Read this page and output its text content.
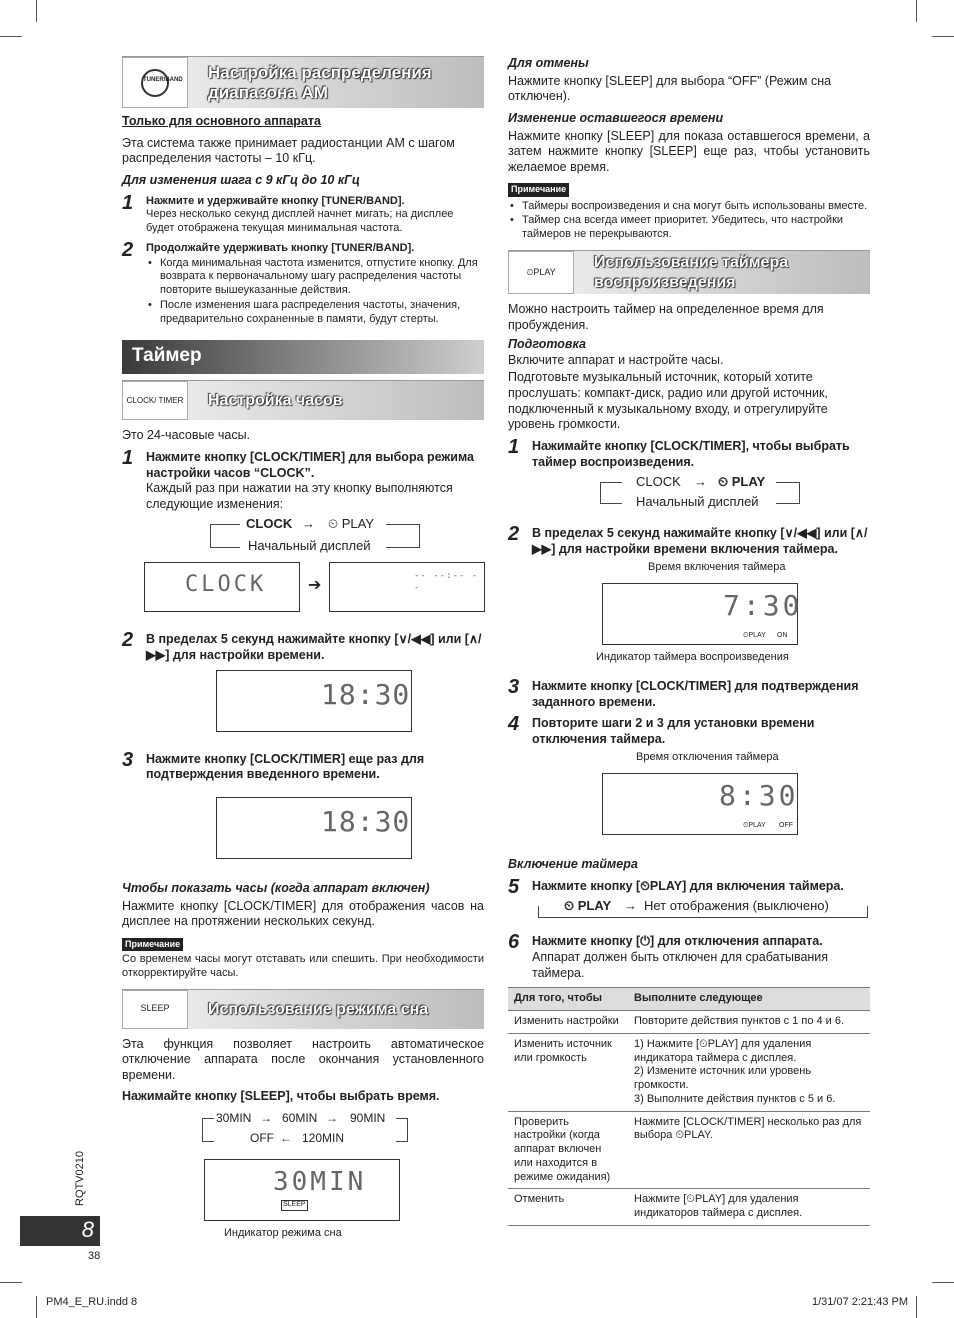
TUNER/BAND Настройка распределения диапазона AM
Только для основного аппарата
Эта система также принимает радиостанции AM с шагом распределения частоты – 10 кГц.
Для изменения шага с 9 кГц до 10 кГц
1 Нажмите и удерживайте кнопку [TUNER/BAND].
Через несколько секунд дисплей начнет мигать; на дисплее будет отображена текущая минимальная частота.
2 Продолжайте удерживать кнопку [TUNER/BAND].
• Когда минимальная частота изменится, отпустите кнопку. Для возврата к первоначальному шагу распределения частоты повторите вышеуказанные действия.
• После изменения шага распределения частоты, значения, предварительно сохраненные в памяти, будут стерты.
Таймер
CLOCK/ TIMER Настройка часов
Это 24-часовые часы.
1 Нажмите кнопку [CLOCK/TIMER] для выбора режима настройки часов “CLOCK”.
Каждый раз при нажатии на эту кнопку выполняются следующие изменения:
CLOCK → ⏲ PLAY
Начальный дисплей
CLOCK	➔
-- --:-- --
2 В пределах 5 секунд нажимайте кнопку [∨/◀◀] или [∧/▶▶] для настройки времени.
18:30
3 Нажмите кнопку [CLOCK/TIMER] еще раз для подтверждения введенного времени.
18:30
Чтобы показать часы (когда аппарат включен)
Нажмите кнопку [CLOCK/TIMER] для отображения часов на дисплее на протяжении нескольких секунд.
Примечание
Со временем часы могут отставать или спешить. При необходимости откорректируйте часы.
SLEEP Использование режима сна
Эта функция позволяет настроить автоматическое отключение аппарата после окончания установленного времени.
Нажимайте кнопку [SLEEP], чтобы выбрать время.
30MIN → 60MIN → 90MIN
OFF ← 120MIN
30MIN
SLEEP
Индикатор режима сна
Для отмены
Нажмите кнопку [SLEEP] для выбора “OFF” (Режим сна отключен).
Изменение оставшегося времени
Нажмите кнопку [SLEEP] для показа оставшегося времени, а затем нажмите кнопку [SLEEP] еще раз, чтобы установить желаемое время.
Примечание
• Таймеры воспроизведения и сна могут быть использованы вместе.
• Таймер сна всегда имеет приоритет. Убедитесь, что настройки таймеров не перекрываются.
⏲PLAY
Использование таймера воспроизведения
Можно настроить таймер на определенное время для пробуждения.
Подготовка
Включите аппарат и настройте часы.
Подготовьте музыкальный источник, который хотите прослушать: компакт-диск, радио или другой источник, подключенный к музыкальному входу, и отрегулируйте уровень громкости.
1 Нажимайте кнопку [CLOCK/TIMER], чтобы выбрать таймер воспроизведения.
CLOCK → ⏲ PLAY
Начальный дисплей
2 В пределах 5 секунд нажимайте кнопку [∨/◀◀] или [∧/▶▶] для настройки времени включения таймера.
Время включения таймера
7:30
⏲PLAY ON
Индикатор таймера воспроизведения
3 Нажмите кнопку [CLOCK/TIMER] для подтверждения заданного времени.
4 Повторите шаги 2 и 3 для установки времени отключения таймера.
Время отключения таймера
8:30
⏲PLAY OFF
Включение таймера
5 Нажмите кнопку [⏲PLAY] для включения таймера.
⏲ PLAY → Нет отображения (выключено)
6 Нажмите кнопку [⏻] для отключения аппарата.
Аппарат должен быть отключен для срабатывания таймера.
Для того, чтобы	Выполните следующее
Изменить настройки	Повторите действия пунктов с 1 по 4 и 6.
Изменить источник или громкость	1) Нажмите [⏲PLAY] для удаления индикатора таймера с дисплея.
2) Измените источник или уровень громкости.
3) Выполните действия пунктов с 5 и 6.

Проверить настройки (когда аппарат включен или находится в режиме ожидания)	Нажмите [CLOCK/TIMER] несколько раз для выбора ⏲PLAY.
Отменить	Нажмите [⏲PLAY] для удаления индикаторов таймера с дисплея.
RQTV0210
8
38
PM4_E_RU.indd 8	1/31/07 2:21:43 PM
